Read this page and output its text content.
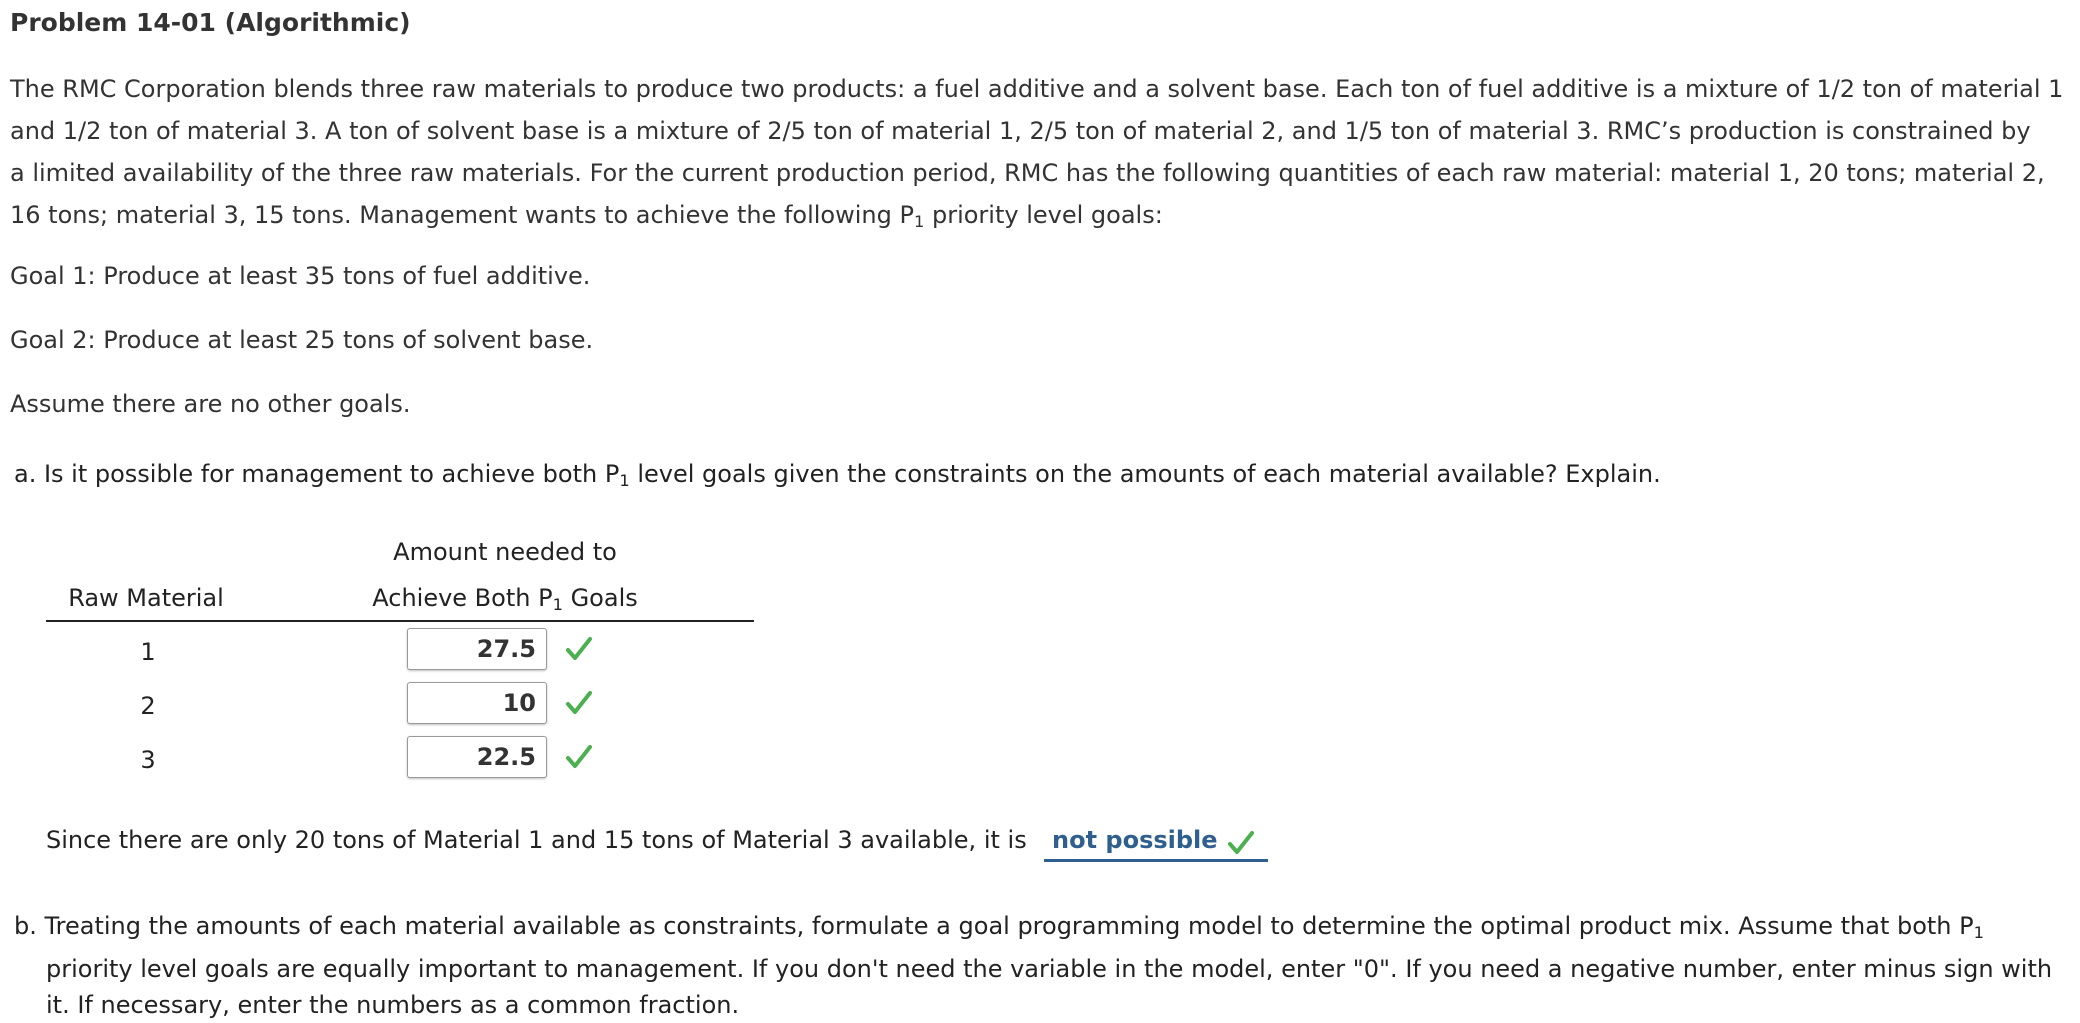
Problem 14-01 (Algorithmic)
The RMC Corporation blends three raw materials to produce two products: a fuel additive and a solvent base. Each ton of fuel additive is a mixture of 1/2 ton of material 1
and 1/2 ton of material 3. A ton of solvent base is a mixture of 2/5 ton of material 1, 2/5 ton of material 2, and 1/5 ton of material 3. RMC’s production is constrained by
a limited availability of the three raw materials. For the current production period, RMC has the following quantities of each raw material: material 1, 20 tons; material 2,
16 tons; material 3, 15 tons. Management wants to achieve the following $P_1$ priority level goals:
Goal 1: Produce at least 35 tons of fuel additive.
Goal 2: Produce at least 25 tons of solvent base.
Assume there are no other goals.
a. Is it possible for management to achieve both $P_1$ level goals given the constraints on the amounts of each material available? Explain.
Amount needed to
Raw Material	Achieve Both $P_1$ Goals
1	27.5
2	10
3	22.5
Since there are only 20 tons of Material 1 and 15 tons of Material 3 available, it is not possible
b. Treating the amounts of each material available as constraints, formulate a goal programming model to determine the optimal product mix. Assume that both $P_1$
priority level goals are equally important to management. If you don't need the variable in the model, enter "0". If you need a negative number, enter minus sign with
it. If necessary, enter the numbers as a common fraction.
